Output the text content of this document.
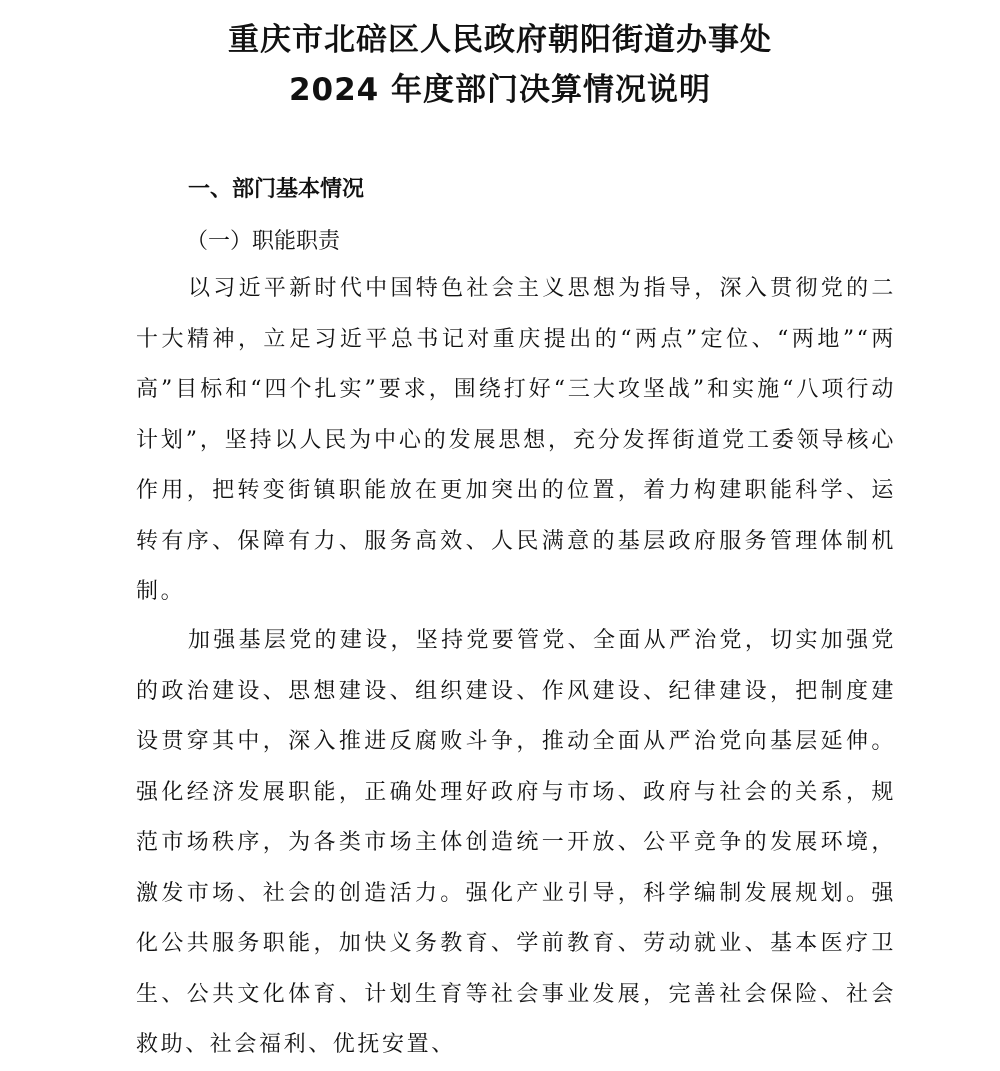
重庆市北碚区人民政府朝阳街道办事处
2024 年度部门决算情况说明
一、部门基本情况
（一）职能职责

以习近平新时代中国特色社会主义思想为指导，深入贯彻党的二十大精神，立足习近平总书记对重庆提出的“两点”定位、“两地”“两高”目标和“四个扎实”要求，围绕打好“三大攻坚战”和实施“八项行动计划”，坚持以人民为中心的发展思想，充分发挥街道党工委领导核心作用，把转变街镇职能放在更加突出的位置，着力构建职能科学、运转有序、保障有力、服务高效、人民满意的基层政府服务管理体制机制。

加强基层党的建设，坚持党要管党、全面从严治党，切实加强党的政治建设、思想建设、组织建设、作风建设、纪律建设，把制度建设贯穿其中，深入推进反腐败斗争，推动全面从严治党向基层延伸。强化经济发展职能，正确处理好政府与市场、政府与社会的关系，规范市场秩序，为各类市场主体创造统一开放、公平竞争的发展环境，激发市场、社会的创造活力。强化产业引导，科学编制发展规划。强化公共服务职能，加快义务教育、学前教育、劳动就业、基本医疗卫生、公共文化体育、计划生育等社会事业发展，完善社会保险、社会救助、社会福利、优抚安置、
